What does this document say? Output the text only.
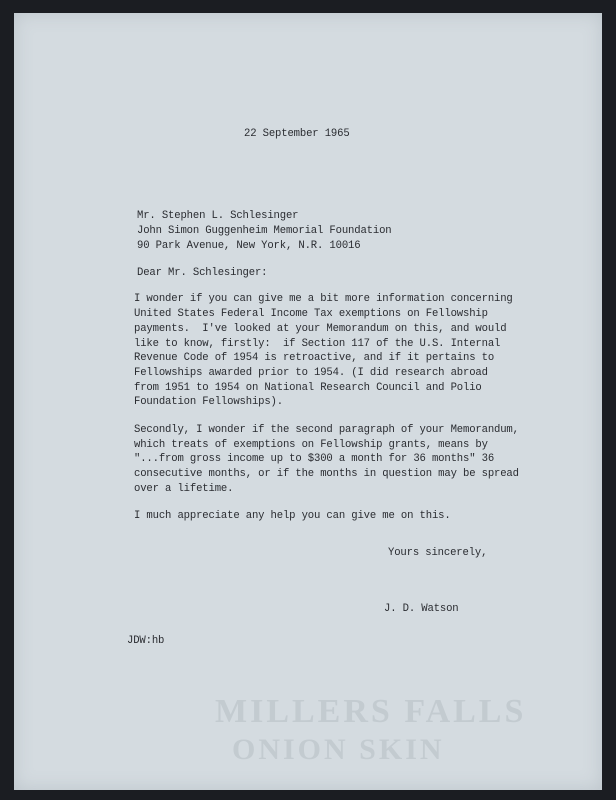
MILLERS FALLS
ONION SKIN
22 September 1965
Mr. Stephen L. Schlesinger
John Simon Guggenheim Memorial Foundation
90 Park Avenue, New York, N.R. 10016
Dear Mr. Schlesinger:
I wonder if you can give me a bit more information concerning
United States Federal Income Tax exemptions on Fellowship
payments.  I've looked at your Memorandum on this, and would
like to know, firstly:  if Section 117 of the U.S. Internal
Revenue Code of 1954 is retroactive, and if it pertains to
Fellowships awarded prior to 1954. (I did research abroad
from 1951 to 1954 on National Research Council and Polio
Foundation Fellowships).
Secondly, I wonder if the second paragraph of your Memorandum,
which treats of exemptions on Fellowship grants, means by
"...from gross income up to $300 a month for 36 months" 36
consecutive months, or if the months in question may be spread
over a lifetime.
I much appreciate any help you can give me on this.
Yours sincerely,
J. D. Watson
JDW:hb
